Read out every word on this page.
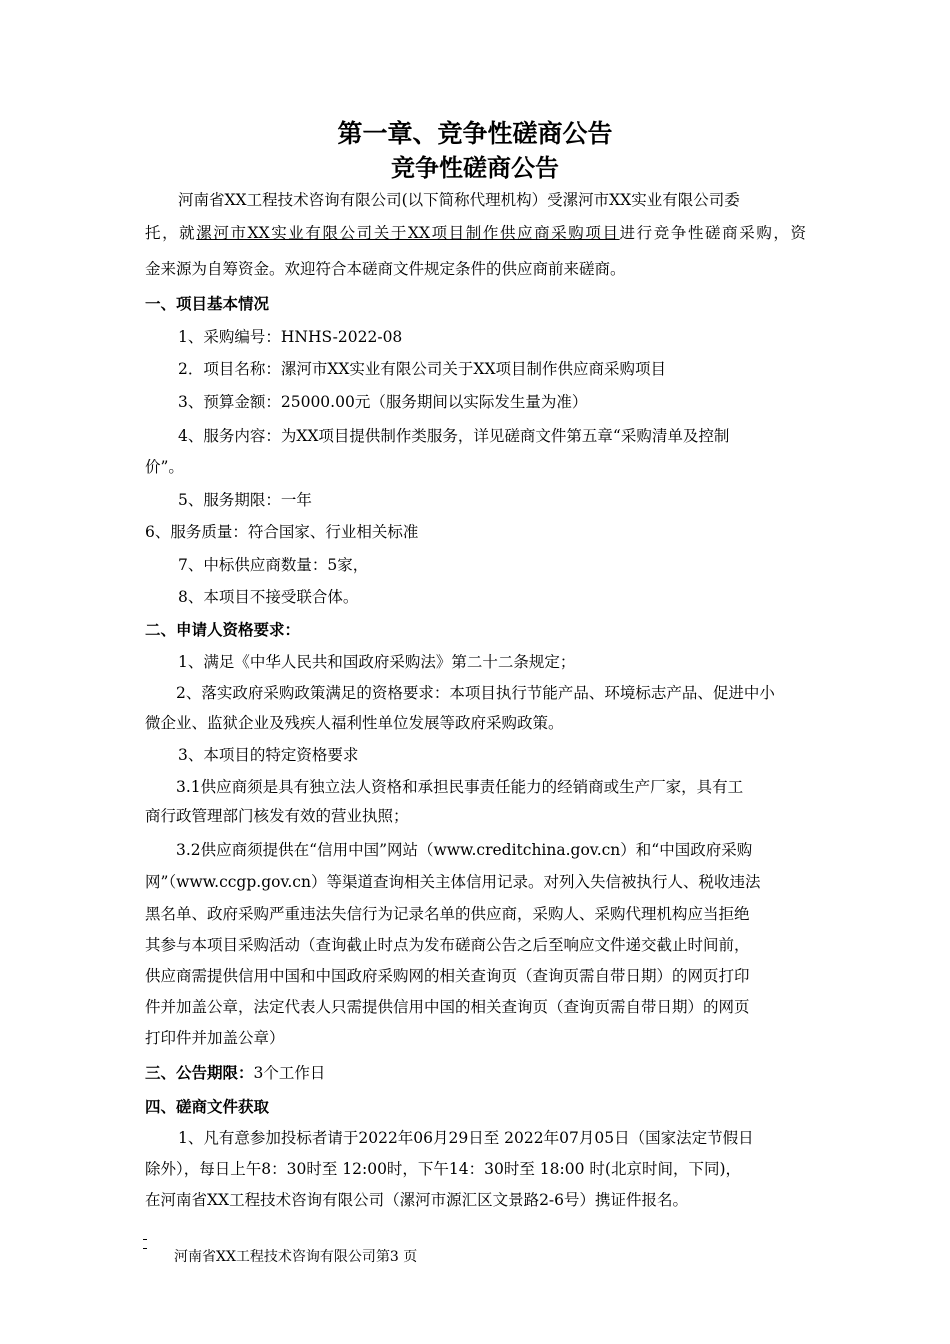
第一章、竞争性磋商公告
竞争性磋商公告
河南省XX工程技术咨询有限公司(以下简称代理机构）受漯河市XX实业有限公司委
托，就漯河市XX实业有限公司关于XX项目制作供应商采购项目进行竞争性磋商采购，资
金来源为自筹资金。欢迎符合本磋商文件规定条件的供应商前来磋商。
一、项目基本情况
1、采购编号：HNHS-2022-08
2．项目名称：漯河市XX实业有限公司关于XX项目制作供应商采购项目
3、预算金额：25000.00元（服务期间以实际发生量为准）
4、服务内容：为XX项目提供制作类服务，详见磋商文件第五章“采购清单及控制
价”。
5、服务期限：一年
6、服务质量：符合国家、行业相关标准
7、中标供应商数量：5家，
8、本项目不接受联合体。
二、申请人资格要求：
1、满足《中华人民共和国政府采购法》第二十二条规定；
2、落实政府采购政策满足的资格要求：本项目执行节能产品、环境标志产品、促进中小
微企业、监狱企业及残疾人福利性单位发展等政府采购政策。
3、本项目的特定资格要求
3.1供应商须是具有独立法人资格和承担民事责任能力的经销商或生产厂家，具有工
商行政管理部门核发有效的营业执照；
3.2供应商须提供在“信用中国”网站（www.creditchina.gov.cn）和“中国政府采购
网”（www.ccgp.gov.cn）等渠道查询相关主体信用记录。对列入失信被执行人、税收违法
黑名单、政府采购严重违法失信行为记录名单的供应商，采购人、采购代理机构应当拒绝
其参与本项目采购活动（查询截止时点为发布磋商公告之后至响应文件递交截止时间前，
供应商需提供信用中国和中国政府采购网的相关查询页（查询页需自带日期）的网页打印
件并加盖公章，法定代表人只需提供信用中国的相关查询页（查询页需自带日期）的网页
打印件并加盖公章）
三、公告期限：3个工作日
四、磋商文件获取
1、凡有意参加投标者请于2022年06月29日至 2022年07月05日（国家法定节假日
除外），每日上午8：30时至 12:00时，下午14：30时至 18:00 时(北京时间，下同)，
在河南省XX工程技术咨询有限公司（漯河市源汇区文景路2-6号）携证件报名。
河南省XX工程技术咨询有限公司第3 页
